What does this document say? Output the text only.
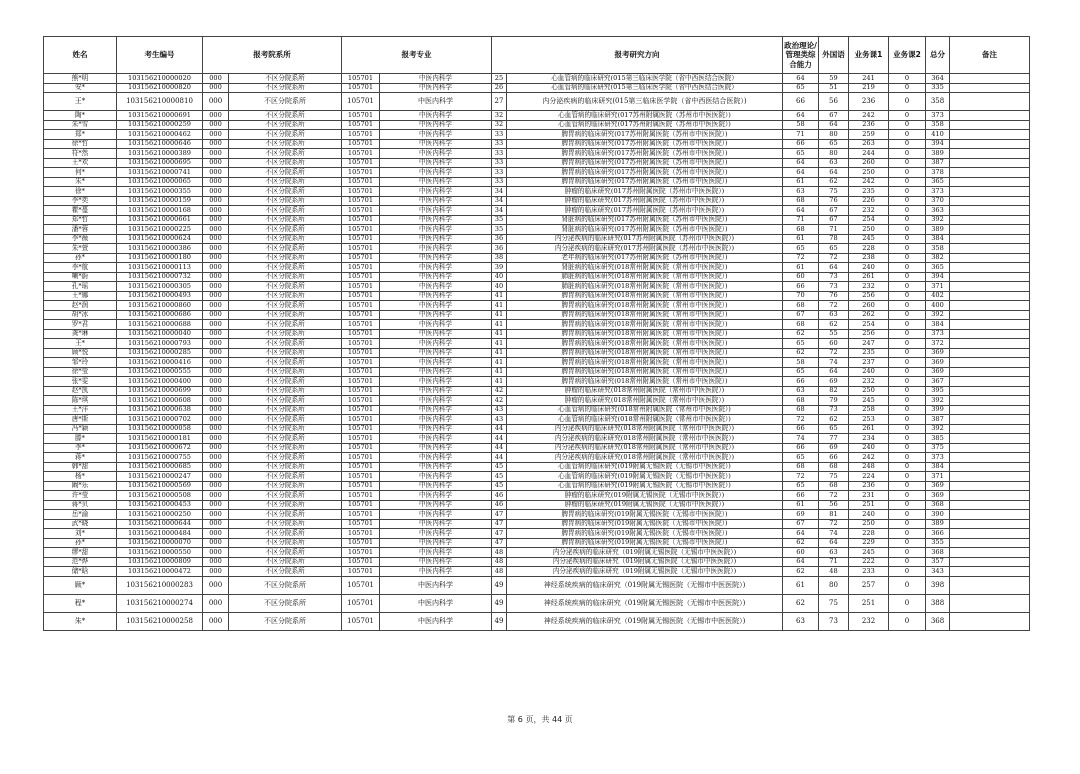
姓名	考生编号	报考院系所		报考专业		报考研究方向		政治理论/管理类综合能力	外国语	业务课1	业务课2	总分	备注
熊*明	103156210000020	000	不区分院系所	105701	中医内科学	25	心血管病的临床研究(015第三临床医学院（省中西医结合医院）	64	59	241	0	364	
安*	103156210000820	000	不区分院系所	105701	中医内科学	26	心血管病的临床研究(015第三临床医学院（省中西医结合医院）	65	51	219	0	335	
王*	103156210000810	000	不区分院系所	105701	中医内科学	27	内分泌疾病的临床研究(015第三临床医学院（省中西医结合医院）)	66	56	236	0	358	
陶*	103156210000691	000	不区分院系所	105701	中医内科学	32	心血管病的临床研究(017苏州附属医院（苏州市中医医院）)	64	67	242	0	373	
朱*雪	103156210000259	000	不区分院系所	105701	中医内科学	32	心血管病的临床研究(017苏州附属医院（苏州市中医医院）)	58	64	236	0	358	
郑*	103156210000462	000	不区分院系所	105701	中医内科学	33	脾胃病的临床研究(017苏州附属医院（苏州市中医医院）)	71	80	259	0	410	
徐*哲	103156210000646	000	不区分院系所	105701	中医内科学	33	脾胃病的临床研究(017苏州附属医院（苏州市中医医院）)	66	65	263	0	394	
符*然	103156210000389	000	不区分院系所	105701	中医内科学	33	脾胃病的临床研究(017苏州附属医院（苏州市中医医院）)	65	80	244	0	389	
王*欢	103156210000695	000	不区分院系所	105701	中医内科学	33	脾胃病的临床研究(017苏州附属医院（苏州市中医医院）)	64	63	260	0	387	
何*	103156210000741	000	不区分院系所	105701	中医内科学	33	脾胃病的临床研究(017苏州附属医院（苏州市中医医院）)	64	64	250	0	378	
朱*	103156210000065	000	不区分院系所	105701	中医内科学	33	脾胃病的临床研究(017苏州附属医院（苏州市中医医院）)	61	62	242	0	365	
徐*	103156210000355	000	不区分院系所	105701	中医内科学	34	肿瘤的临床研究(017苏州附属医院（苏州市中医医院）)	63	75	235	0	373	
李*奕	103156210000159	000	不区分院系所	105701	中医内科学	34	肿瘤的临床研究(017苏州附属医院（苏州市中医医院）)	68	76	226	0	370	
瞿*蔓	103156210000168	000	不区分院系所	105701	中医内科学	34	肿瘤的临床研究(017苏州附属医院（苏州市中医医院）)	64	67	232	0	363	
郑*哲	103156210000661	000	不区分院系所	105701	中医内科学	35	肾脏病的临床研究(017苏州附属医院（苏州市中医医院）)	71	67	254	0	392	
潘*蓉	103156210000225	000	不区分院系所	105701	中医内科学	35	肾脏病的临床研究(017苏州附属医院（苏州市中医医院）)	68	71	250	0	389	
李*薇	103156210000624	000	不区分院系所	105701	中医内科学	36	内分泌疾病的临床研究(017苏州附属医院（苏州市中医医院）)	61	78	245	0	384	
朱*萱	103156210000386	000	不区分院系所	105701	中医内科学	36	内分泌疾病的临床研究(017苏州附属医院（苏州市中医医院）)	65	65	228	0	358	
孙*	103156210000180	000	不区分院系所	105701	中医内科学	38	老年病的临床研究(017苏州附属医院（苏州市中医医院）)	72	72	238	0	382	
李*航	103156210000113	000	不区分院系所	105701	中医内科学	39	肾脏病的临床研究(018常州附属医院（常州市中医医院）)	61	64	240	0	365	
喇*蔚	103156210000732	000	不区分院系所	105701	中医内科学	40	肺脏病的临床研究(018常州附属医院（常州市中医医院）)	60	73	261	0	394	
孔*瑶	103156210000305	000	不区分院系所	105701	中医内科学	40	肺脏病的临床研究(018常州附属医院（常州市中医医院）)	66	73	232	0	371	
王*娜	103156210000493	000	不区分院系所	105701	中医内科学	41	脾胃病的临床研究(018常州附属医院（常州市中医医院）)	70	76	256	0	402	
赵*润	103156210000860	000	不区分院系所	105701	中医内科学	41	脾胃病的临床研究(018常州附属医院（常州市中医医院）)	68	72	260	0	400	
胡*冰	103156210000686	000	不区分院系所	105701	中医内科学	41	脾胃病的临床研究(018常州附属医院（常州市中医医院）)	67	63	262	0	392	
罗*君	103156210000688	000	不区分院系所	105701	中医内科学	41	脾胃病的临床研究(018常州附属医院（常州市中医医院）)	68	62	254	0	384	
龚*琳	103156210000040	000	不区分院系所	105701	中医内科学	41	脾胃病的临床研究(018常州附属医院（常州市中医医院）)	62	55	256	0	373	
王*	103156210000793	000	不区分院系所	105701	中医内科学	41	脾胃病的临床研究(018常州附属医院（常州市中医医院）)	65	60	247	0	372	
顾*悦	103156210000285	000	不区分院系所	105701	中医内科学	41	脾胃病的临床研究(018常州附属医院（常州市中医医院）)	62	72	235	0	369	
邹*玲	103156210000416	000	不区分院系所	105701	中医内科学	41	脾胃病的临床研究(018常州附属医院（常州市中医医院）)	58	74	237	0	369	
徐*莹	103156210000555	000	不区分院系所	105701	中医内科学	41	脾胃病的临床研究(018常州附属医院（常州市中医医院）)	65	64	240	0	369	
张*雯	103156210000400	000	不区分院系所	105701	中医内科学	41	脾胃病的临床研究(018常州附属医院（常州市中医医院）)	66	69	232	0	367	
赵*凯	103156210000699	000	不区分院系所	105701	中医内科学	42	肿瘤的临床研究(018常州附属医院（常州市中医医院）)	63	82	250	0	395	
陈*琪	103156210000608	000	不区分院系所	105701	中医内科学	42	肿瘤的临床研究(018常州附属医院（常州市中医医院）)	68	79	245	0	392	
王*洋	103156210000638	000	不区分院系所	105701	中医内科学	43	心血管病的临床研究(018常州附属医院（常州市中医医院）)	68	73	258	0	399	
唐*斯	103156210000702	000	不区分院系所	105701	中医内科学	43	心血管病的临床研究(018常州附属医院（常州市中医医院）)	72	62	253	0	387	
冯*颖	103156210000058	000	不区分院系所	105701	中医内科学	44	内分泌疾病的临床研究(018常州附属医院（常州市中医医院）)	66	65	261	0	392	
滕*	103156210000181	000	不区分院系所	105701	中医内科学	44	内分泌疾病的临床研究(018常州附属医院（常州市中医医院）)	74	77	234	0	385	
李*	103156210000672	000	不区分院系所	105701	中医内科学	44	内分泌疾病的临床研究(018常州附属医院（常州市中医医院）)	66	69	240	0	375	
蒋*	103156210000755	000	不区分院系所	105701	中医内科学	44	内分泌疾病的临床研究(018常州附属医院（常州市中医医院）)	65	66	242	0	373	
韩*甜	103156210000685	000	不区分院系所	105701	中医内科学	45	心血管病的临床研究(019附属无锡医院（无锡市中医医院）)	68	68	248	0	384	
杨*	103156210000247	000	不区分院系所	105701	中医内科学	45	心血管病的临床研究(019附属无锡医院（无锡市中医医院）)	72	75	224	0	371	
阚*乐	103156210000569	000	不区分院系所	105701	中医内科学	45	心血管病的临床研究(019附属无锡医院（无锡市中医医院）)	65	68	236	0	369	
许*莹	103156210000508	000	不区分院系所	105701	中医内科学	46	肿瘤的临床研究(019附属无锡医院（无锡市中医医院）)	66	72	231	0	369	
蒋*贝	103156210000453	000	不区分院系所	105701	中医内科学	46	肿瘤的临床研究(019附属无锡医院（无锡市中医医院）)	61	56	251	0	368	
岳*渝	103156210000250	000	不区分院系所	105701	中医内科学	47	脾胃病的临床研究(019附属无锡医院（无锡市中医医院）)	69	81	240	0	390	
武*晓	103156210000644	000	不区分院系所	105701	中医内科学	47	脾胃病的临床研究(019附属无锡医院（无锡市中医医院）)	67	72	250	0	389	
刘*	103156210000484	000	不区分院系所	105701	中医内科学	47	脾胃病的临床研究(019附属无锡医院（无锡市中医医院）)	64	74	228	0	366	
孙*	103156210000070	000	不区分院系所	105701	中医内科学	47	脾胃病的临床研究(019附属无锡医院（无锡市中医医院）)	62	64	229	0	355	
缪*甜	103156210000550	000	不区分院系所	105701	中医内科学	48	内分泌疾病的临床研究（019附属无锡医院（无锡市中医医院）)	60	63	245	0	368	
范*烨	103156210000809	000	不区分院系所	105701	中医内科学	48	内分泌疾病的临床研究（019附属无锡医院（无锡市中医医院）)	64	71	222	0	357	
储*晗	103156210000472	000	不区分院系所	105701	中医内科学	48	内分泌疾病的临床研究（019附属无锡医院（无锡市中医医院）)	62	48	233	0	343	
顾*	103156210000283	000	不区分院系所	105701	中医内科学	49	神经系统疾病的临床研究（019附属无锡医院（无锡市中医医院）)	61	80	257	0	398	
程*	103156210000274	000	不区分院系所	105701	中医内科学	49	神经系统疾病的临床研究（019附属无锡医院（无锡市中医医院）)	62	75	251	0	388	
朱*	103156210000258	000	不区分院系所	105701	中医内科学	49	神经系统疾病的临床研究（019附属无锡医院（无锡市中医医院）)	63	73	232	0	368	
第 6 页，共 44 页
